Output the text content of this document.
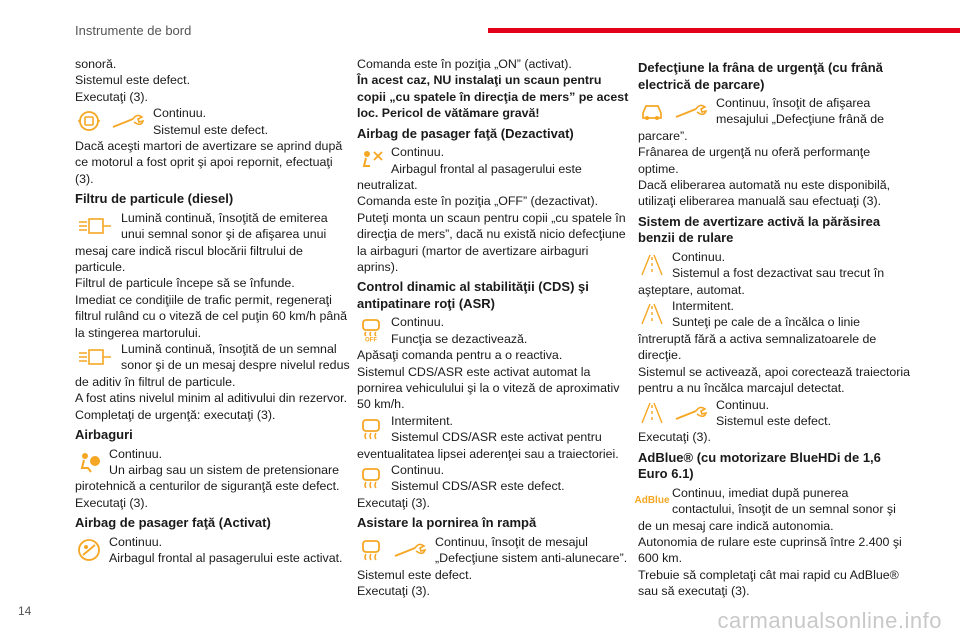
Instrumente de bord

sonoră.

Sistemul este defect.

Executaţi (3).

Continuu.

Sistemul este defect.

Dacă aceşti martori de avertizare se aprind după ce motorul a fost oprit şi apoi repornit, efectuaţi (3).

Filtru de particule (diesel)

Lumină continuă, însoţită de emiterea unui semnal sonor şi de afişarea unui mesaj care indică riscul blocării filtrului de particule.

Filtrul de particule începe să se înfunde.

Imediat ce condiţiile de trafic permit, regeneraţi filtrul rulând cu o viteză de cel puţin 60 km/h până la stingerea martorului.

Lumină continuă, însoţită de un semnal sonor şi de un mesaj despre nivelul redus de aditiv în filtrul de particule.

A fost atins nivelul minim al aditivului din rezervor.

Completaţi de urgenţă: executaţi (3).

Airbaguri

Continuu.

Un airbag sau un sistem de pretensionare pirotehnică a centurilor de siguranţă este defect.

Executaţi (3).

Airbag de pasager faţă (Activat)

Continuu.

Airbagul frontal al pasagerului este activat.

Comanda este în poziţia „ON” (activat).

În acest caz, NU instalaţi un scaun pentru copii „cu spatele în direcţia de mers” pe acest loc. Pericol de vătămare gravă!

Airbag de pasager faţă (Dezactivat)

Continuu.

Airbagul frontal al pasagerului este neutralizat.

Comanda este în poziţia „OFF” (dezactivat).

Puteţi monta un scaun pentru copii „cu spatele în direcţia de mers”, dacă nu există nicio defecţiune la airbaguri (martor de avertizare airbaguri aprins).

Control dinamic al stabilităţii (CDS) şi antipatinare roţi (ASR)
OFF

Continuu.

Funcţia se dezactivează.

Apăsaţi comanda pentru a o reactiva.

Sistemul CDS/ASR este activat automat la pornirea vehiculului şi la o viteză de aproximativ 50 km/h.

Intermitent.

Sistemul CDS/ASR este activat pentru eventualitatea lipsei aderenţei sau a traiectoriei.

Continuu.

Sistemul CDS/ASR este defect.

Executaţi (3).

Asistare la pornirea în rampă

Continuu, însoţit de mesajul „Defecţiune sistem anti-alunecare”.

Sistemul este defect.

Executaţi (3).

Defecţiune la frâna de urgenţă (cu frână electrică de parcare)

Continuu, însoţit de afişarea mesajului „Defecţiune frână de parcare”.

Frânarea de urgenţă nu oferă performanţe optime.

Dacă eliberarea automată nu este disponibilă, utilizaţi eliberarea manuală sau efectuaţi (3).

Sistem de avertizare activă la părăsirea benzii de rulare

Continuu.

Sistemul a fost dezactivat sau trecut în aşteptare, automat.

Intermitent.

Sunteţi pe cale de a încălca o linie întreruptă fără a activa semnalizatoarele de direcţie.

Sistemul se activează, apoi corectează traiectoria pentru a nu încălca marcajul detectat.

Continuu.

Sistemul este defect.

Executaţi (3).

AdBlue® (cu motorizare BlueHDi de 1,6 Euro 6.1)
AdBlue

Continuu, imediat după punerea contactului, însoţit de un semnal sonor şi de un mesaj care indică autonomia.

Autonomia de rulare este cuprinsă între 2.400 şi 600 km.

Trebuie să completaţi cât mai rapid cu AdBlue® sau să executaţi (3).

14	carmanualsonline.info
